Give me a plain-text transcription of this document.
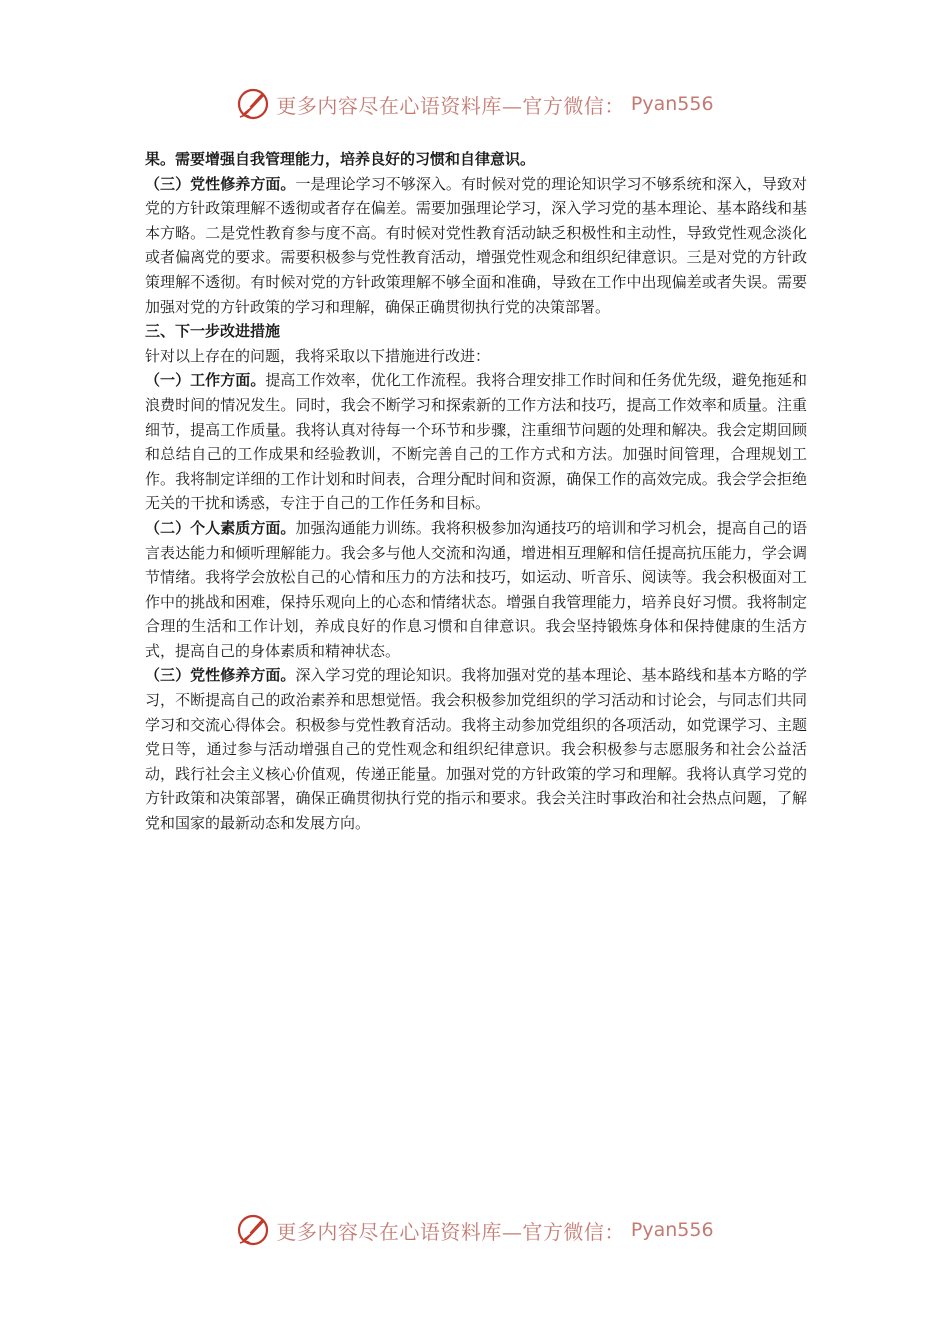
更多内容尽在心语资料库—官方微信： Pyan556

果。需要增强自我管理能力，培养良好的习惯和自律意识。

（三）党性修养方面。一是理论学习不够深入。有时候对党的理论知识学习不够系统和深入，导致对党的方针政策理解不透彻或者存在偏差。需要加强理论学习，深入学习党的基本理论、基本路线和基本方略。二是党性教育参与度不高。有时候对党性教育活动缺乏积极性和主动性，导致党性观念淡化或者偏离党的要求。需要积极参与党性教育活动，增强党性观念和组织纪律意识。三是对党的方针政策理解不透彻。有时候对党的方针政策理解不够全面和准确，导致在工作中出现偏差或者失误。需要加强对党的方针政策的学习和理解，确保正确贯彻执行党的决策部署。

三、下一步改进措施

针对以上存在的问题，我将采取以下措施进行改进：

（一）工作方面。提高工作效率，优化工作流程。我将合理安排工作时间和任务优先级，避免拖延和浪费时间的情况发生。同时，我会不断学习和探索新的工作方法和技巧，提高工作效率和质量。注重细节，提高工作质量。我将认真对待每一个环节和步骤，注重细节问题的处理和解决。我会定期回顾和总结自己的工作成果和经验教训，不断完善自己的工作方式和方法。加强时间管理，合理规划工作。我将制定详细的工作计划和时间表，合理分配时间和资源，确保工作的高效完成。我会学会拒绝无关的干扰和诱惑，专注于自己的工作任务和目标。

（二）个人素质方面。加强沟通能力训练。我将积极参加沟通技巧的培训和学习机会，提高自己的语言表达能力和倾听理解能力。我会多与他人交流和沟通，增进相互理解和信任提高抗压能力，学会调节情绪。我将学会放松自己的心情和压力的方法和技巧，如运动、听音乐、阅读等。我会积极面对工作中的挑战和困难，保持乐观向上的心态和情绪状态。增强自我管理能力，培养良好习惯。我将制定合理的生活和工作计划，养成良好的作息习惯和自律意识。我会坚持锻炼身体和保持健康的生活方式，提高自己的身体素质和精神状态。

（三）党性修养方面。深入学习党的理论知识。我将加强对党的基本理论、基本路线和基本方略的学习，不断提高自己的政治素养和思想觉悟。我会积极参加党组织的学习活动和讨论会，与同志们共同学习和交流心得体会。积极参与党性教育活动。我将主动参加党组织的各项活动，如党课学习、主题党日等，通过参与活动增强自己的党性观念和组织纪律意识。我会积极参与志愿服务和社会公益活动，践行社会主义核心价值观，传递正能量。加强对党的方针政策的学习和理解。我将认真学习党的方针政策和决策部署，确保正确贯彻执行党的指示和要求。我会关注时事政治和社会热点问题，了解党和国家的最新动态和发展方向。

更多内容尽在心语资料库—官方微信： Pyan556
